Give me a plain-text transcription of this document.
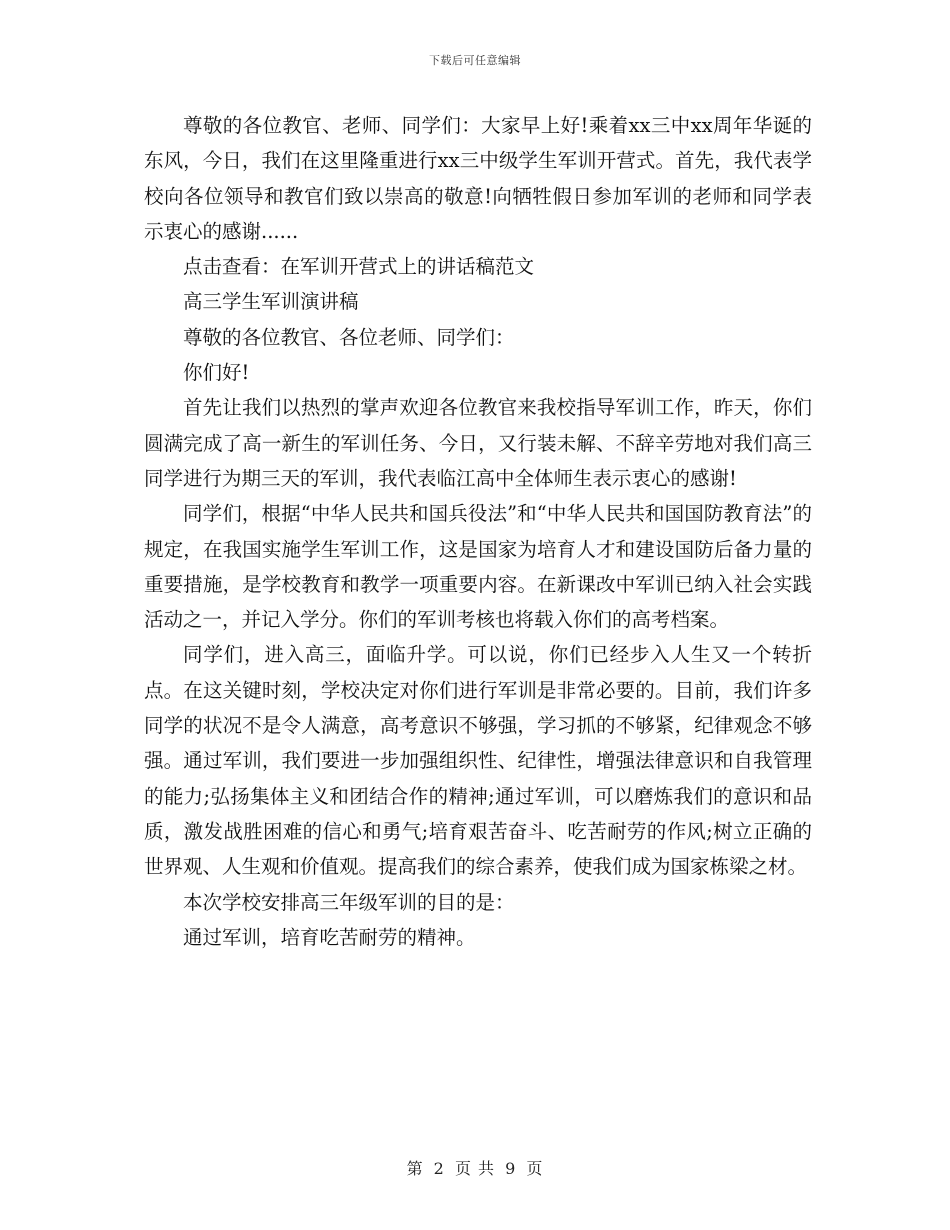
下载后可任意编辑

尊敬的各位教官、老师、同学们：大家早上好!乘着xx三中xx周年华诞的东风，今日，我们在这里隆重进行xx三中级学生军训开营式。首先，我代表学校向各位领导和教官们致以崇高的敬意!向牺牲假日参加军训的老师和同学表示衷心的感谢......

点击查看：在军训开营式上的讲话稿范文

高三学生军训演讲稿

尊敬的各位教官、各位老师、同学们：

你们好!

首先让我们以热烈的掌声欢迎各位教官来我校指导军训工作，昨天，你们圆满完成了高一新生的军训任务、今日，又行装未解、不辞辛劳地对我们高三同学进行为期三天的军训，我代表临江高中全体师生表示衷心的感谢!

同学们，根据“中华人民共和国兵役法”和“中华人民共和国国防教育法”的规定，在我国实施学生军训工作，这是国家为培育人才和建设国防后备力量的重要措施，是学校教育和教学一项重要内容。在新课改中军训已纳入社会实践活动之一，并记入学分。你们的军训考核也将载入你们的高考档案。

同学们，进入高三，面临升学。可以说，你们已经步入人生又一个转折点。在这关键时刻，学校决定对你们进行军训是非常必要的。目前，我们许多同学的状况不是令人满意，高考意识不够强，学习抓的不够紧，纪律观念不够强。通过军训，我们要进一步加强组织性、纪律性，增强法律意识和自我管理的能力;弘扬集体主义和团结合作的精神;通过军训，可以磨炼我们的意识和品质，激发战胜困难的信心和勇气;培育艰苦奋斗、吃苦耐劳的作风;树立正确的世界观、人生观和价值观。提高我们的综合素养，使我们成为国家栋梁之材。

本次学校安排高三年级军训的目的是：

通过军训，培育吃苦耐劳的精神。

第 2 页 共 9 页
